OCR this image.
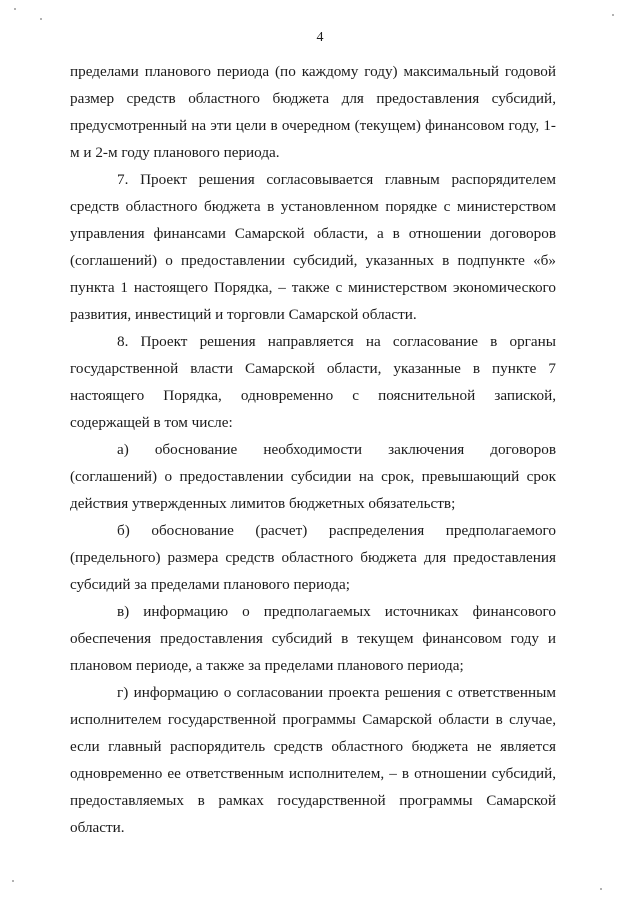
4

пределами планового периода (по каждому году) максимальный годовой размер средств областного бюджета для предоставления субсидий, предусмотренный на эти цели в очередном (текущем) финансовом году, 1-м и 2-м году планового периода.

7. Проект решения согласовывается главным распорядителем средств областного бюджета в установленном порядке с министерством управления финансами Самарской области, а в отношении договоров (соглашений) о предоставлении субсидий, указанных в подпункте «б» пункта 1 настоящего Порядка, – также с министерством экономического развития, инвестиций и торговли Самарской области.

8. Проект решения направляется на согласование в органы государственной власти Самарской области, указанные в пункте 7 настоящего Порядка, одновременно с пояснительной запиской, содержащей в том числе:

а) обоснование необходимости заключения договоров (соглашений) о предоставлении субсидии на срок, превышающий срок действия утвержденных лимитов бюджетных обязательств;

б) обоснование (расчет) распределения предполагаемого (предельного) размера средств областного бюджета для предоставления субсидий за пределами планового периода;

в) информацию о предполагаемых источниках финансового обеспечения предоставления субсидий в текущем финансовом году и плановом периоде, а также за пределами планового периода;

г) информацию о согласовании проекта решения с ответственным исполнителем государственной программы Самарской области в случае, если главный распорядитель средств областного бюджета не является одновременно ее ответственным исполнителем, – в отношении субсидий, предоставляемых в рамках государственной программы Самарской области.
